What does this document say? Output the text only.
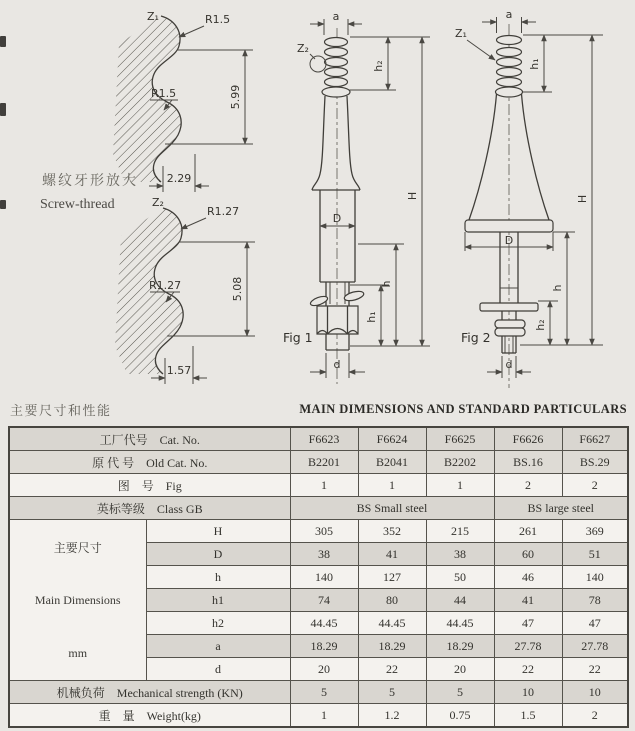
Z₁	R1.5
R1.5	5.99
2.29
Z₂
R1.27
R1.27	5.08
1.57
螺纹牙形放大
Screw-thread
a
Z₂
h₂
H
D
h
h₁
d
Fig 1
a
Z₁
h₁
H
D
h
h₂
d
Fig 2
主要尺寸和性能	MAIN DIMENSIONS AND STANDARD PARTICULARS
工厂代号 Cat. No.		F6623	F6624	F6625	F6626	F6627
原 代 号 Old Cat. No.		B2201	B2041	B2202	BS.16	BS.29
图　号 Fig		1	1	1	2	2
英标等级 Class GB		BS Small steel			BS large steel	

主要尺寸
Main Dimensions
mm	H	305	352	215	261	369
	D	38	41	38	60	51
	h	140	127	50	46	140
	h1	74	80	44	41	78
	h2	44.45	44.45	44.45	47	47
	a	18.29	18.29	18.29	27.78	27.78
	d	20	22	20	22	22
机械负荷 Mechanical strength (KN)		5	5	5	10	10
重　量 Weight(kg)		1	1.2	0.75	1.5	2
